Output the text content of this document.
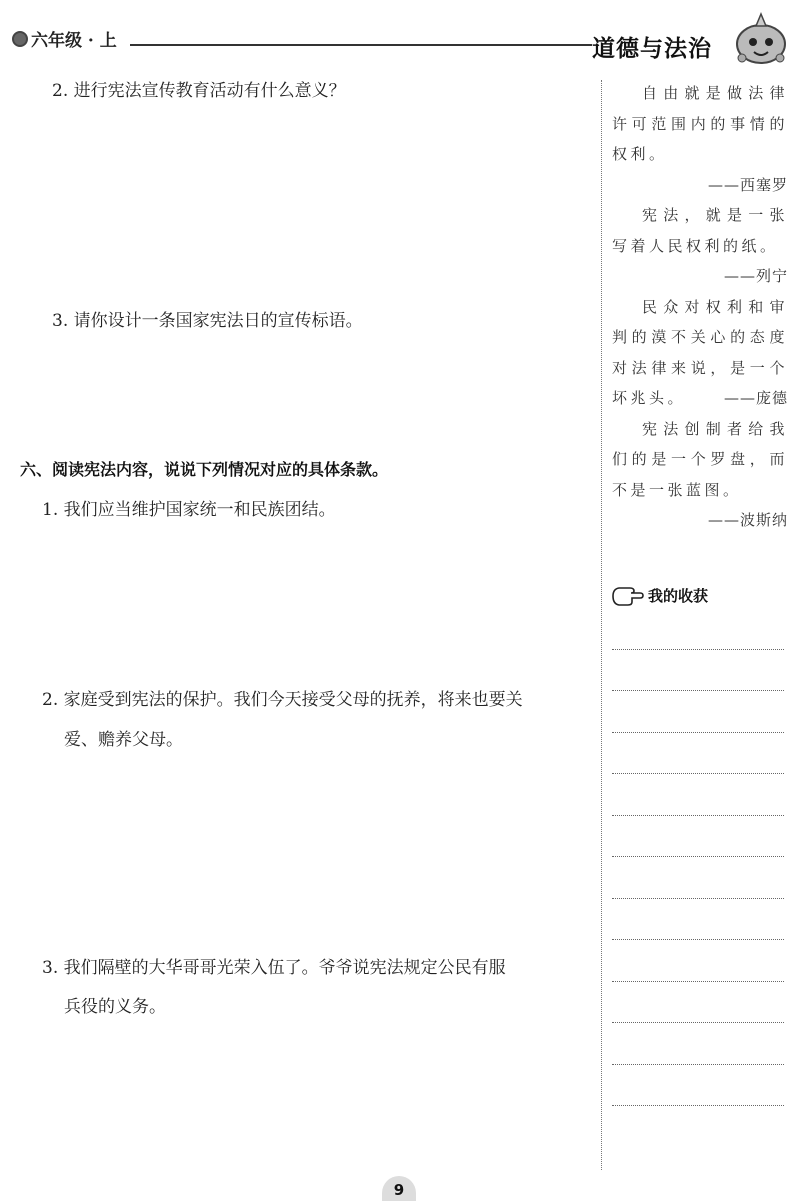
六年级 · 上	道德与法治
2. 进行宪法宣传教育活动有什么意义？
3. 请你设计一条国家宪法日的宣传标语。
六、阅读宪法内容，说说下列情况对应的具体条款。
1. 我们应当维护国家统一和民族团结。
2. 家庭受到宪法的保护。我们今天接受父母的抚养，将来也要关
爱、赡养父母。
3. 我们隔壁的大华哥哥光荣入伍了。爷爷说宪法规定公民有服
兵役的义务。

自由就是做法律许可范围内的事情的权利。

——西塞罗

宪法，就是一张写着人民权利的纸。

——列宁

民众对权利和审判的漠不关心的态度对法律来说，是一个坏兆头。	——庞德

宪法创制者给我们的是一个罗盘，而不是一张蓝图。

——波斯纳

我的收获
9
